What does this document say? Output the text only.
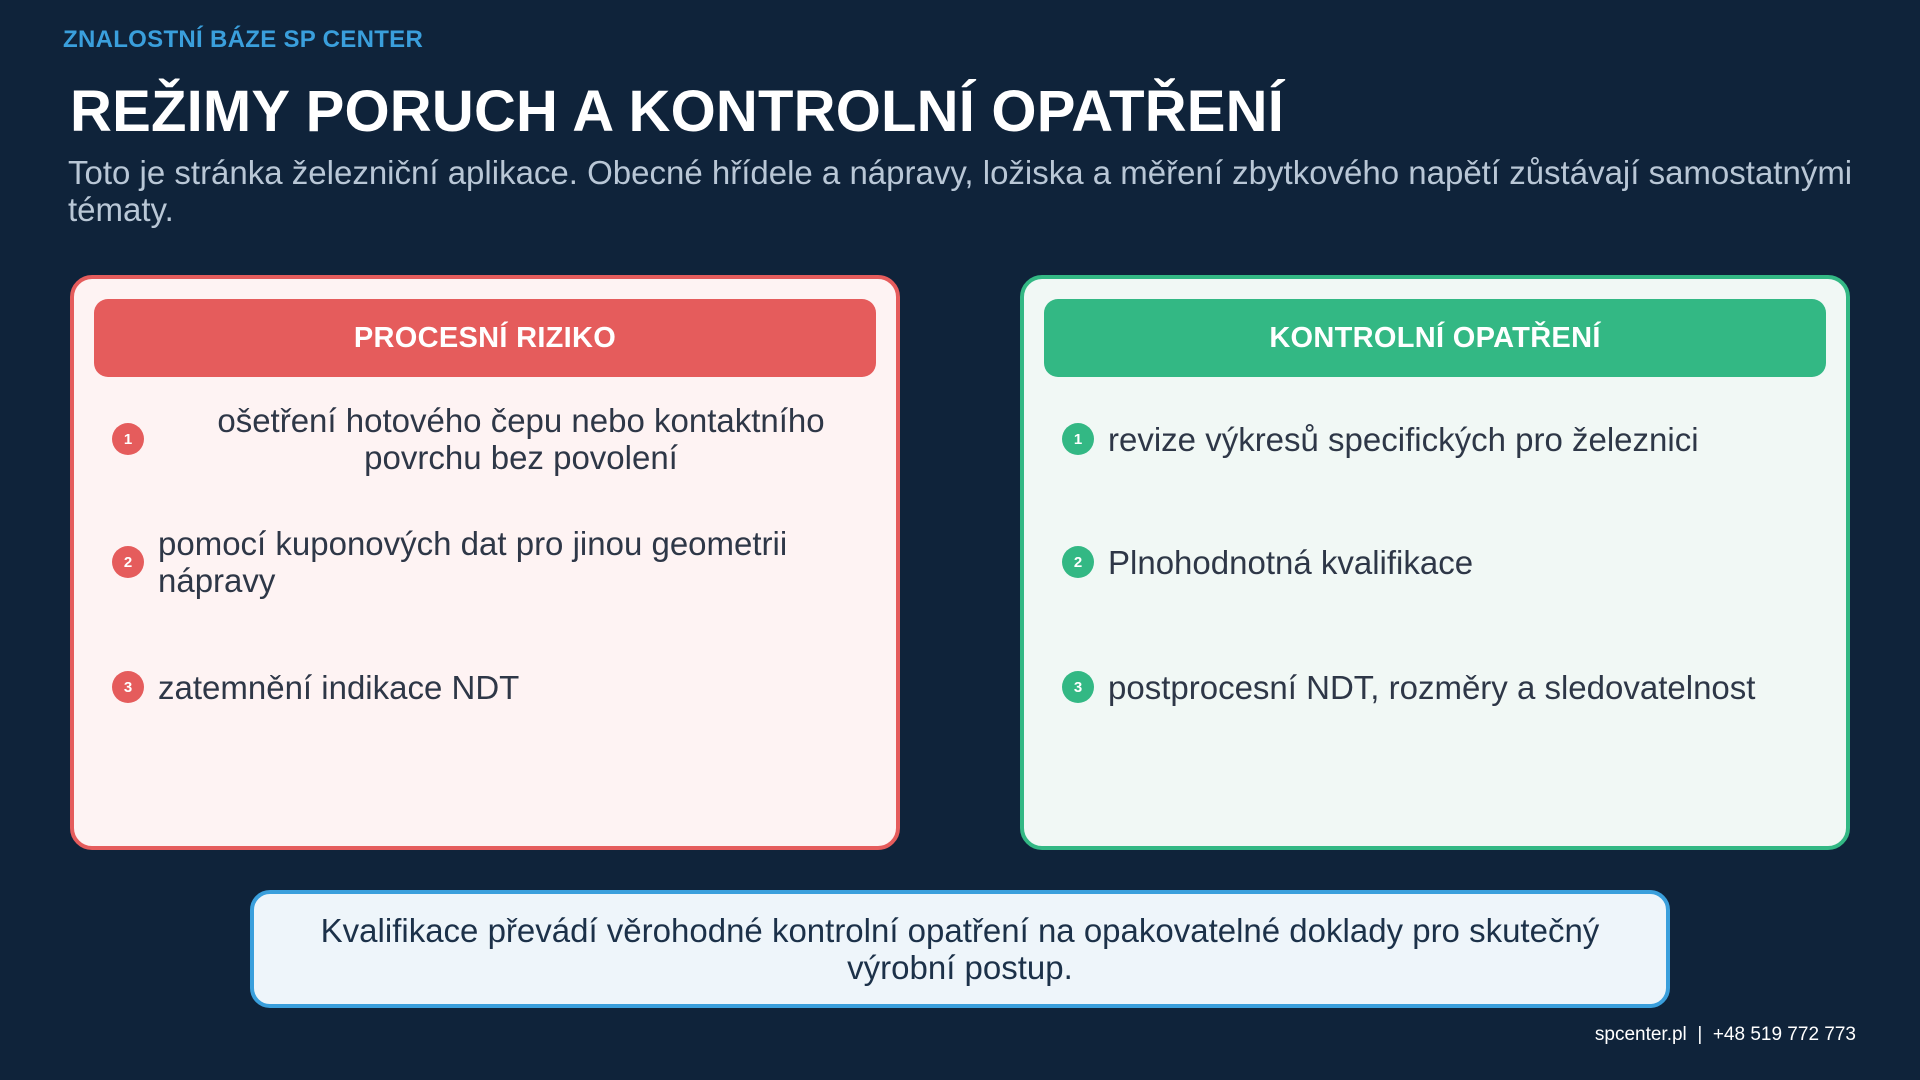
ZNALOSTNÍ BÁZE SP CENTER
REŽIMY PORUCH A KONTROLNÍ OPATŘENÍ
Toto je stránka železniční aplikace. Obecné hřídele a nápravy, ložiska a měření zbytkového napětí zůstávají samostatnými tématy.
PROCESNÍ RIZIKO
1	ošetření hotového čepu nebo kontaktního povrchu bez povolení
2 pomocí kuponových dat pro jinou geometrii nápravy
3 zatemnění indikace NDT
KONTROLNÍ OPATŘENÍ
1 revize výkresů specifických pro železnici
2 Plnohodnotná kvalifikace
3 postprocesní NDT, rozměry a sledovatelnost
Kvalifikace převádí věrohodné kontrolní opatření na opakovatelné doklady pro skutečný výrobní postup.
spcenter.pl  |  +48 519 772 773
